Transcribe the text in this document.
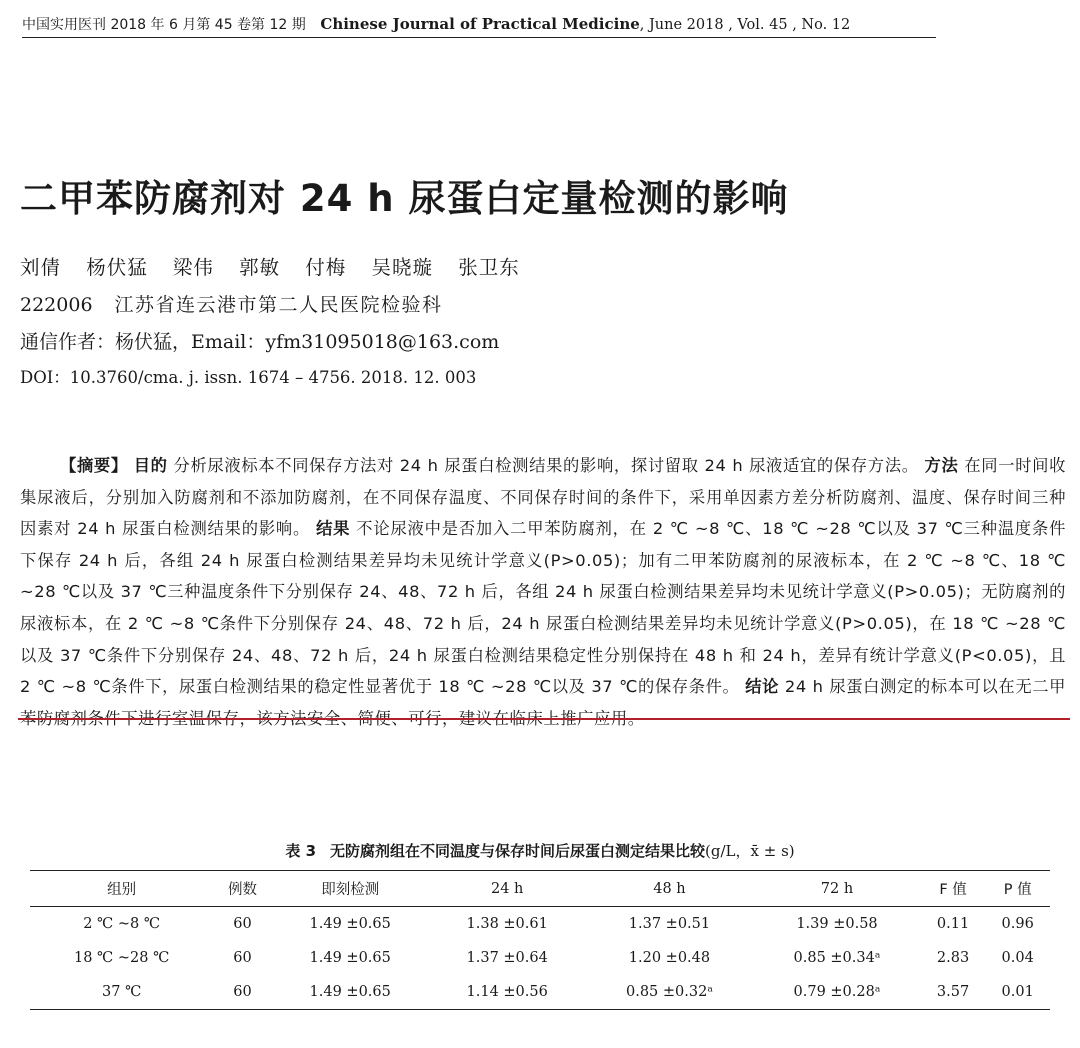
中国实用医刊 2018 年 6 月第 45 卷第 12 期 Chinese Journal of Practical Medicine, June 2018 , Vol. 45 , No. 12
二甲苯防腐剂对 24 h 尿蛋白定量检测的影响
刘倩 杨伏猛 梁伟 郭敏 付梅 吴晓璇 张卫东
222006 江苏省连云港市第二人民医院检验科
通信作者：杨伏猛，Email：yfm31095018@163.com
DOI：10.3760/cma. j. issn. 1674 – 4756. 2018. 12. 003

【摘要】 目的 分析尿液标本不同保存方法对 24 h 尿蛋白检测结果的影响，探讨留取 24 h 尿液适宜的保存方法。 方法 在同一时间收集尿液后，分别加入防腐剂和不添加防腐剂，在不同保存温度、不同保存时间的条件下，采用单因素方差分析防腐剂、温度、保存时间三种因素对 24 h 尿蛋白检测结果的影响。 结果 不论尿液中是否加入二甲苯防腐剂，在 2 ℃ ~8 ℃、18 ℃ ~28 ℃以及 37 ℃三种温度条件下保存 24 h 后，各组 24 h 尿蛋白检测结果差异均未见统计学意义(P>0.05)；加有二甲苯防腐剂的尿液标本，在 2 ℃ ~8 ℃、18 ℃ ~28 ℃以及 37 ℃三种温度条件下分别保存 24、48、72 h 后，各组 24 h 尿蛋白检测结果差异均未见统计学意义(P>0.05)；无防腐剂的尿液标本，在 2 ℃ ~8 ℃条件下分别保存 24、48、72 h 后，24 h 尿蛋白检测结果差异均未见统计学意义(P>0.05)，在 18 ℃ ~28 ℃以及 37 ℃条件下分别保存 24、48、72 h 后，24 h 尿蛋白检测结果稳定性分别保持在 48 h 和 24 h，差异有统计学意义(P<0.05)，且 2 ℃ ~8 ℃条件下，尿蛋白检测结果的稳定性显著优于 18 ℃ ~28 ℃以及 37 ℃的保存条件。 结论 24 h 尿蛋白测定的标本可以在无二甲苯防腐剂条件下进行室温保存，该方法安全、简便、可行，建议在临床上推广应用。

表 3 无防腐剂组在不同温度与保存时间后尿蛋白测定结果比较(g/L，x̄ ± s)
组别	例数	即刻检测	24 h	48 h	72 h	F 值	P 值
2 ℃ ~8 ℃	60	1.49 ±0.65	1.38 ±0.61	1.37 ±0.51	1.39 ±0.58	0.11	0.96
18 ℃ ~28 ℃	60	1.49 ±0.65	1.37 ±0.64	1.20 ±0.48	0.85 ±0.34ᵃ	2.83	0.04
37 ℃	60	1.49 ±0.65	1.14 ±0.56	0.85 ±0.32ᵃ	0.79 ±0.28ᵃ	3.57	0.01
